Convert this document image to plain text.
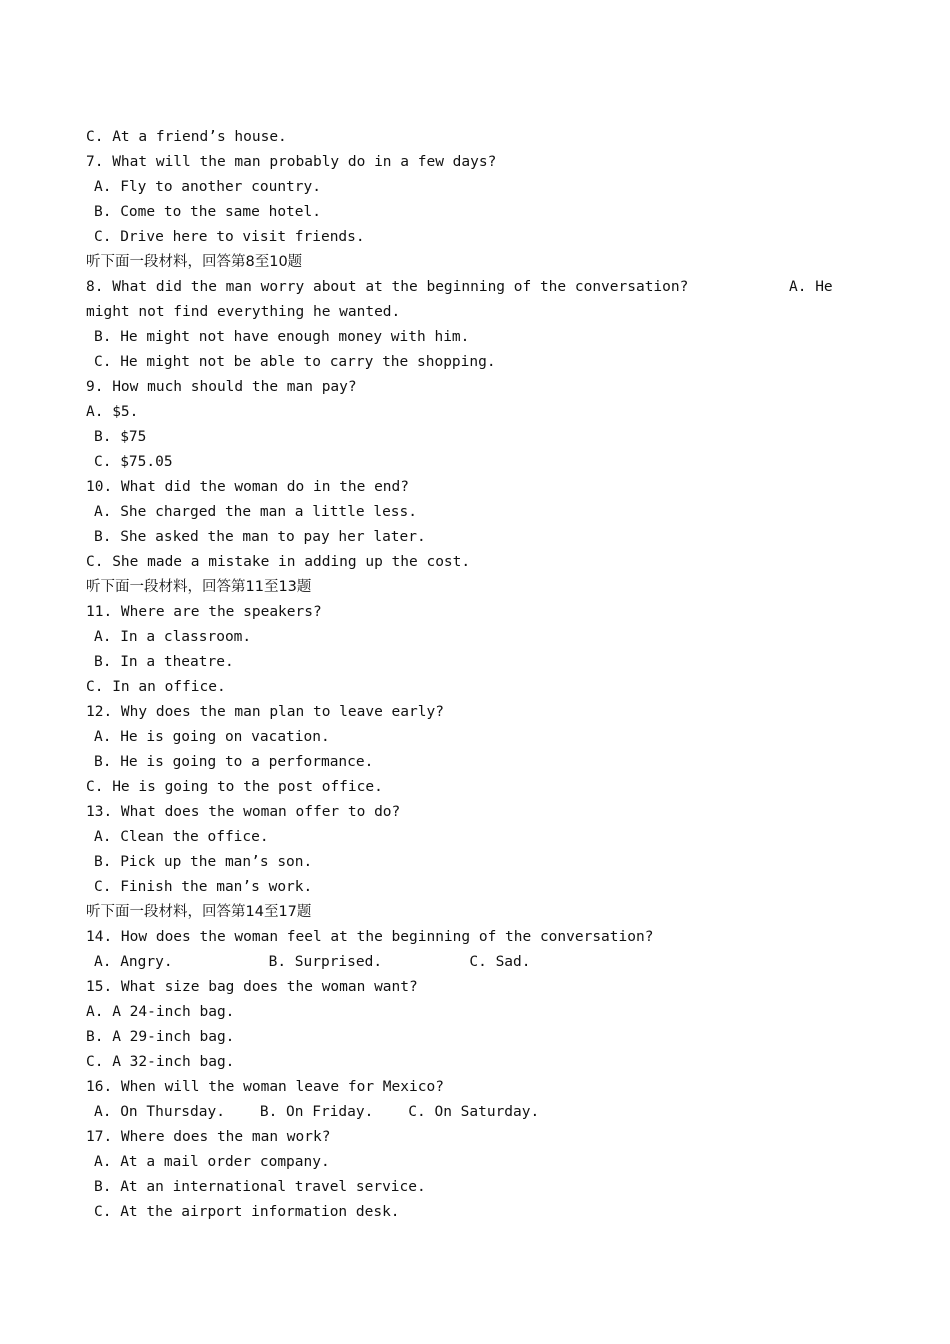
C. At a friend’s house.
7. What will the man probably do in a few days?
A. Fly to another country.
B. Come to the same hotel.
C. Drive here to visit friends.
听下面一段材料，回答第8至10题
8. What did the man worry about at the beginning of the conversation?	A. He
might not find everything he wanted.
B. He might not have enough money with him.
C. He might not be able to carry the shopping.
9. How much should the man pay?
A. $5.
B. $75
C. $75.05
10. What did the woman do in the end?
A. She charged the man a little less.
B. She asked the man to pay her later.
C. She made a mistake in adding up the cost.
听下面一段材料，回答第11至13题
11. Where are the speakers?
A. In a classroom.
B. In a theatre.
C. In an office.
12. Why does the man plan to leave early?
A. He is going on vacation.
B. He is going to a performance.
C. He is going to the post office.
13. What does the woman offer to do?
A. Clean the office.
B. Pick up the man’s son.
C. Finish the man’s work.
听下面一段材料，回答第14至17题
14. How does the woman feel at the beginning of the conversation?
A. Angry.           B. Surprised.          C. Sad.
15. What size bag does the woman want?
A. A 24-inch bag.
B. A 29-inch bag.
C. A 32-inch bag.
16. When will the woman leave for Mexico?
A. On Thursday.    B. On Friday.    C. On Saturday.
17. Where does the man work?
A. At a mail order company.
B. At an international travel service.
C. At the airport information desk.
